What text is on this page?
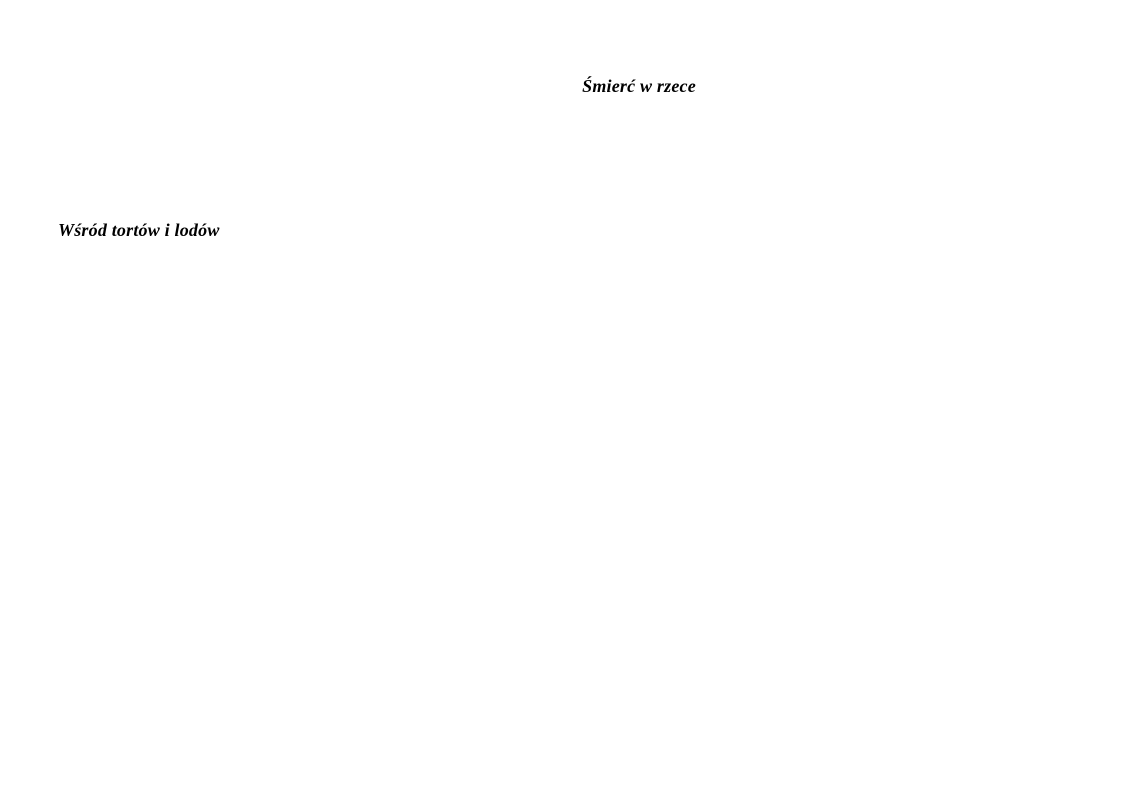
Śmierć w rzece
Wśród tortów i lodów
